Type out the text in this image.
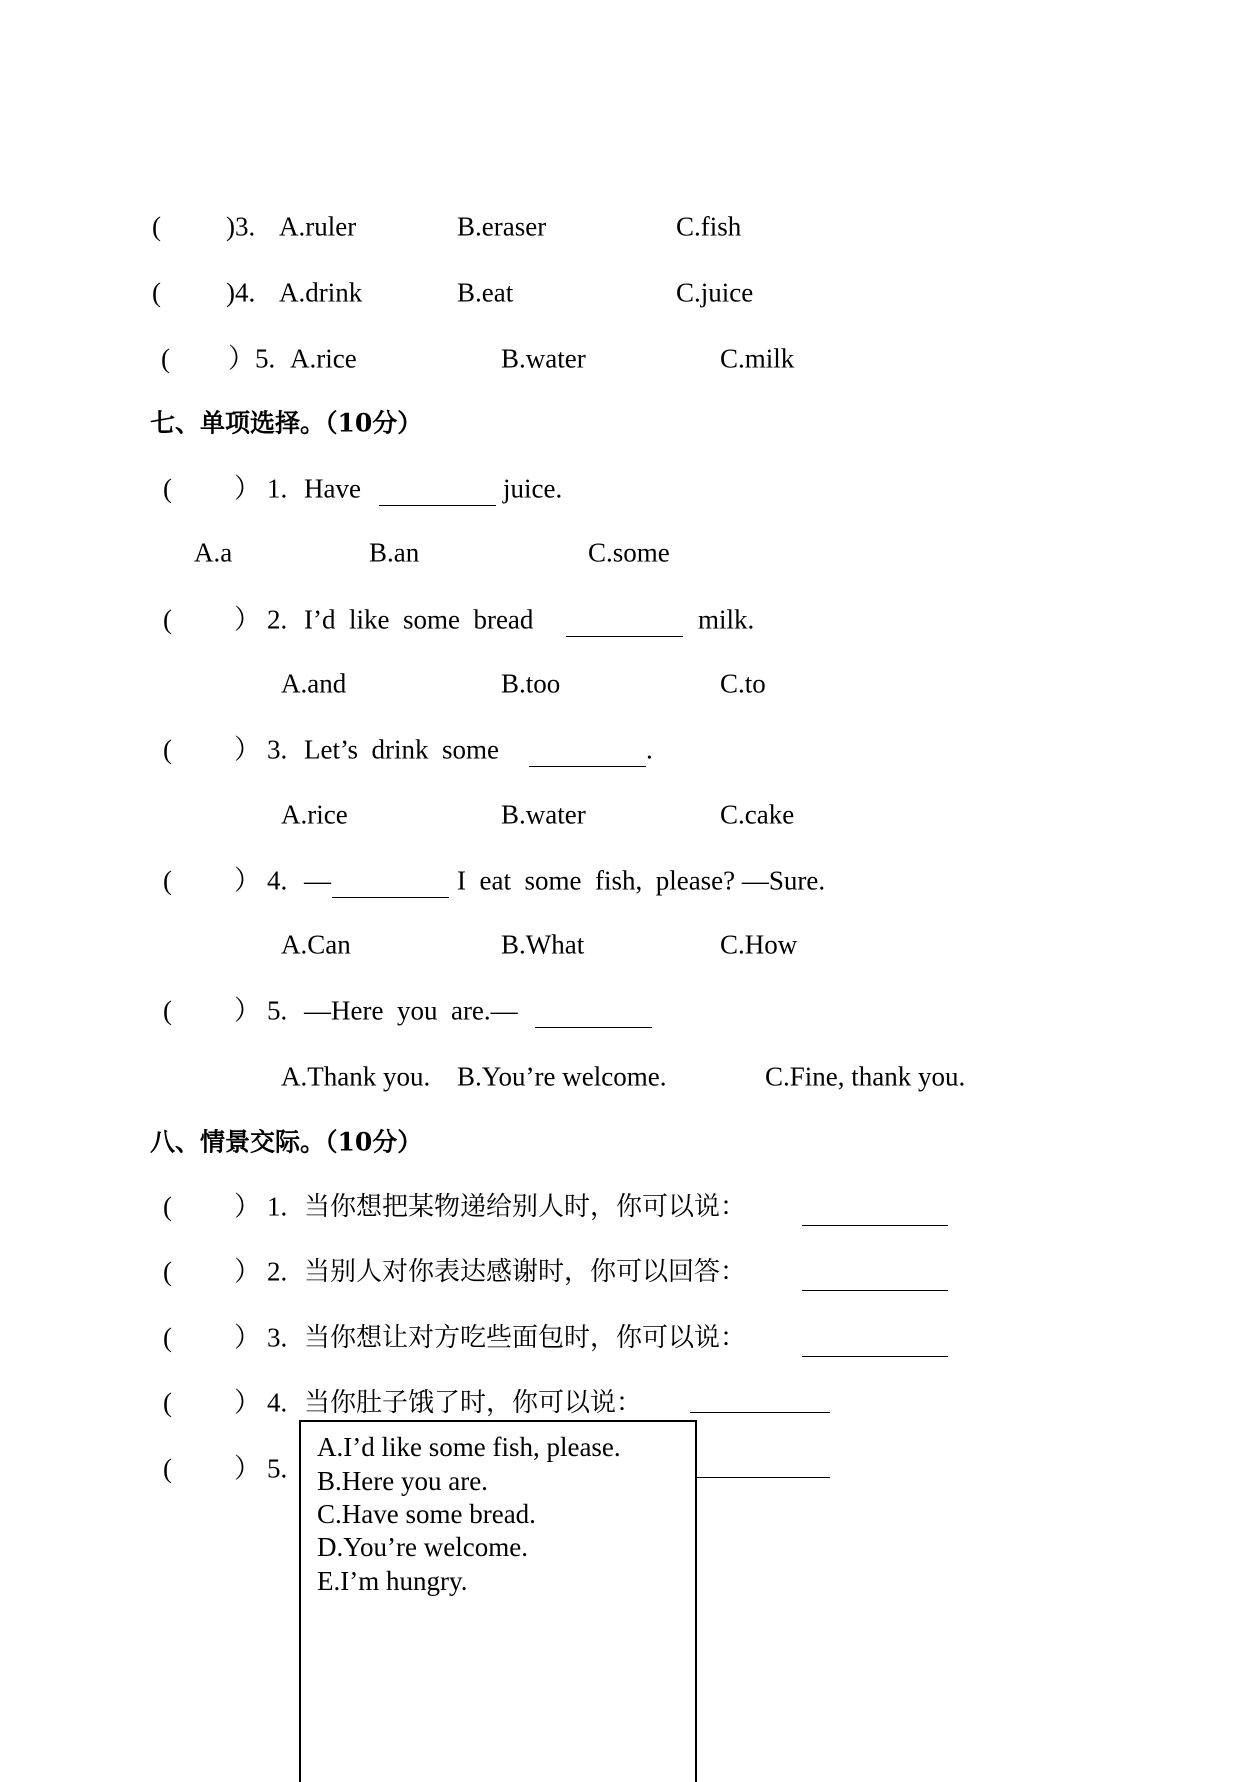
( )3. A.ruler	B.eraser	C.fish
( )4. A.drink	B.eat	C.juice
( ）5. A.rice	B.water	C.milk
七、单项选择。（10分）
( ） 1. Have	juice.
A.a	B.an	C.some
( ） 2. I’d  like  some  bread	milk.
A.and	B.too	C.to
( ） 3. Let’s  drink  some	.
A.rice	B.water	C.cake
( ） 4. —	I  eat  some  fish,  please? —Sure.
A.Can	B.What	C.How
( ） 5. —Here  you  are.—
A.Thank you. B.You’re welcome.	C.Fine, thank you.
八、情景交际。（10分）
( ） 1. 当你想把某物递给别人时，你可以说：
( ） 2. 当别人对你表达感谢时，你可以回答：
( ） 3. 当你想让对方吃些面包时，你可以说：
( ） 4. 当你肚子饿了时，你可以说：
( ） 5.
A.I’d like some fish, please.
B.Here you are.
C.Have some bread.
D.You’re welcome.
E.I’m hungry.
